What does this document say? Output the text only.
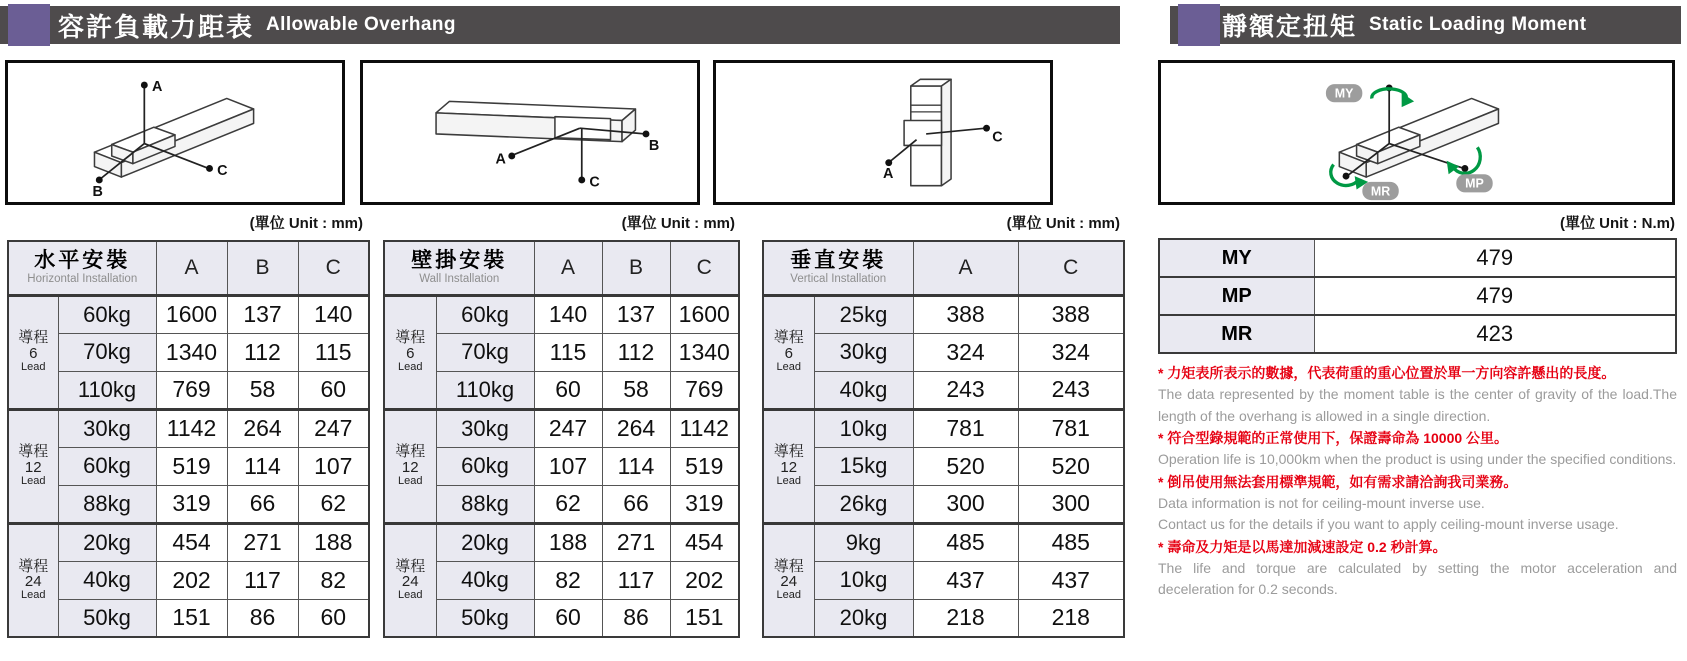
容許負載力距表 Allowable Overhang
A
B
C
A
B
C
A
C
(單位 Unit : mm)	(單位 Unit : mm)	(單位 Unit : mm)
水平安裝
Horizontal Installation		A	B	C

導程
6
Lead	60kg	1600	137	140
	70kg	1340	112	115
	110kg	769	58	60

導程
12
Lead	30kg	1142	264	247
	60kg	519	114	107
	88kg	319	66	62

導程
24
Lead	20kg	454	271	188
	40kg	202	117	82
	50kg	151	86	60
壁掛安裝
Wall Installation		A	B	C

導程
6
Lead	60kg	140	137	1600
	70kg	115	112	1340
	110kg	60	58	769

導程
12
Lead	30kg	247	264	1142
	60kg	107	114	519
	88kg	62	66	319

導程
24
Lead	20kg	188	271	454
	40kg	82	117	202
	50kg	60	86	151
垂直安裝
Vertical Installation		A	C

導程
6
Lead	25kg	388	388
	30kg	324	324
	40kg	243	243

導程
12
Lead	10kg	781	781
	15kg	520	520
	26kg	300	300

導程
24
Lead	9kg	485	485
	10kg	437	437
	20kg	218	218
靜額定扭矩 Static Loading Moment
MY
MP
MR
(單位 Unit : N.m)
MY	479
MP	479
MR	423
* 力矩表所表示的數據，代表荷重的重心位置於單一方向容許懸出的長度。
The data represented by the moment table is the center of gravity of the load.The length of the overhang is allowed in a single direction.
* 符合型錄規範的正常使用下，保證壽命為 10000 公里。
Operation life is 10,000km when the product is using under the specified conditions.
* 倒吊使用無法套用標準規範，如有需求請洽詢我司業務。
Data information is not for ceiling-mount inverse use.
Contact us for the details if you want to apply ceiling-mount inverse usage.
* 壽命及力矩是以馬達加減速設定 0.2 秒計算。
The life and torque are calculated by setting the motor acceleration and deceleration for 0.2 seconds.
